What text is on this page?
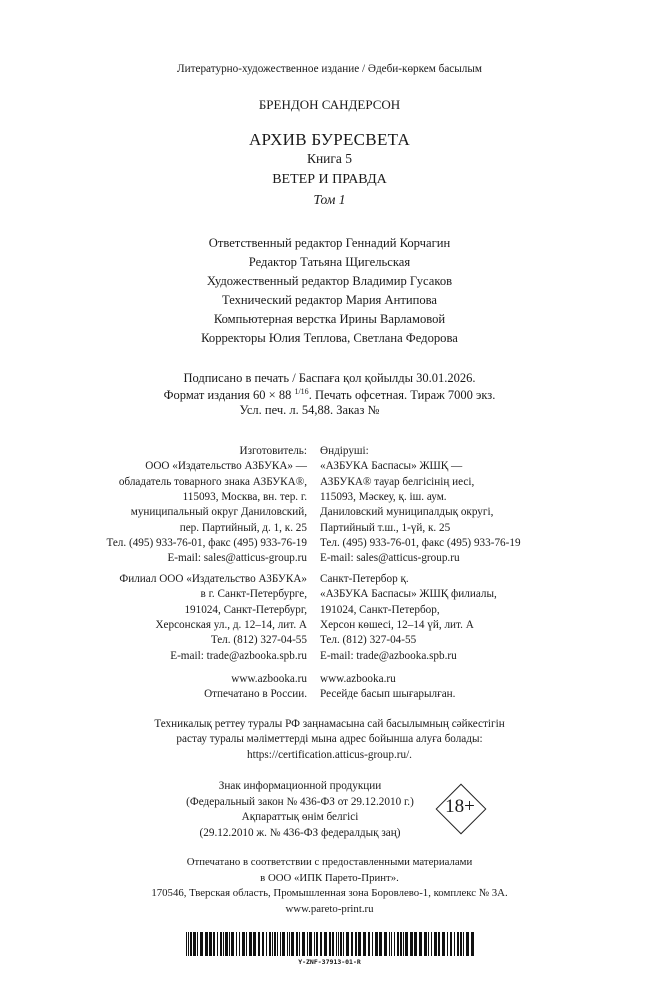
Литературно-художественное издание / Әдеби-көркем басылым
БРЕНДОН САНДЕРСОН
АРХИВ БУРЕСВЕТА
Книга 5
ВЕТЕР И ПРАВДА
Том 1
Ответственный редактор Геннадий Корчагин
Редактор Татьяна Щигельская
Художественный редактор Владимир Гусаков
Технический редактор Мария Антипова
Компьютерная верстка Ирины Варламовой
Корректоры Юлия Теплова, Светлана Федорова
Подписано в печать / Баспаға қол қойылды 30.01.2026.
Формат издания 60 × 88 $^{1/16}$. Печать офсетная. Тираж 7000 экз.
Усл. печ. л. 54,88. Заказ №
Изготовитель:
ООО «Издательство АЗБУКА» —
обладатель товарного знака АЗБУКА®,
115093, Москва, вн. тер. г.
муниципальный округ Даниловский,
пер. Партийный, д. 1, к. 25
Тел. (495) 933-76-01, факс (495) 933-76-19
E-mail: sales@atticus-group.ru
Өндіруші:
«АЗБУКА Баспасы» ЖШҚ —
АЗБУКА® тауар белгісінің иесі,
115093, Мәскеу, қ. іш. аум.
Даниловский муниципалдық округі,
Партийный т.ш., 1-үй, к. 25
Тел. (495) 933-76-01, факс (495) 933-76-19
E-mail: sales@atticus-group.ru
Филиал ООО «Издательство АЗБУКА»
в г. Санкт-Петербурге,
191024, Санкт-Петербург,
Херсонская ул., д. 12–14, лит. А
Тел. (812) 327-04-55
E-mail: trade@azbooka.spb.ru
Санкт-Петербор қ.
«АЗБУКА Баспасы» ЖШҚ филиалы,
191024, Санкт-Петербор,
Херсон көшесі, 12–14 үй, лит. А
Тел. (812) 327-04-55
E-mail: trade@azbooka.spb.ru
www.azbooka.ru
Отпечатано в России.
www.azbooka.ru
Ресейде басып шығарылған.
Техникалық реттеу туралы РФ заңнамасына сай басылымның сәйкестігін
растау туралы мәліметтерді мына адрес бойынша алуға болады:
https://certification.atticus-group.ru/.
Знак информационной продукции
(Федеральный закон № 436-ФЗ от 29.12.2010 г.)
Ақпараттық өнім белгісі
(29.12.2010 ж. № 436-ФЗ федералдық заң)
18+
Отпечатано в соответствии с предоставленными материалами
в ООО «ИПК Парето-Принт».
170546, Тверская область, Промышленная зона Боровлево-1, комплекс № 3А.
www.pareto-print.ru
Y-ZNF-37913-01-R
